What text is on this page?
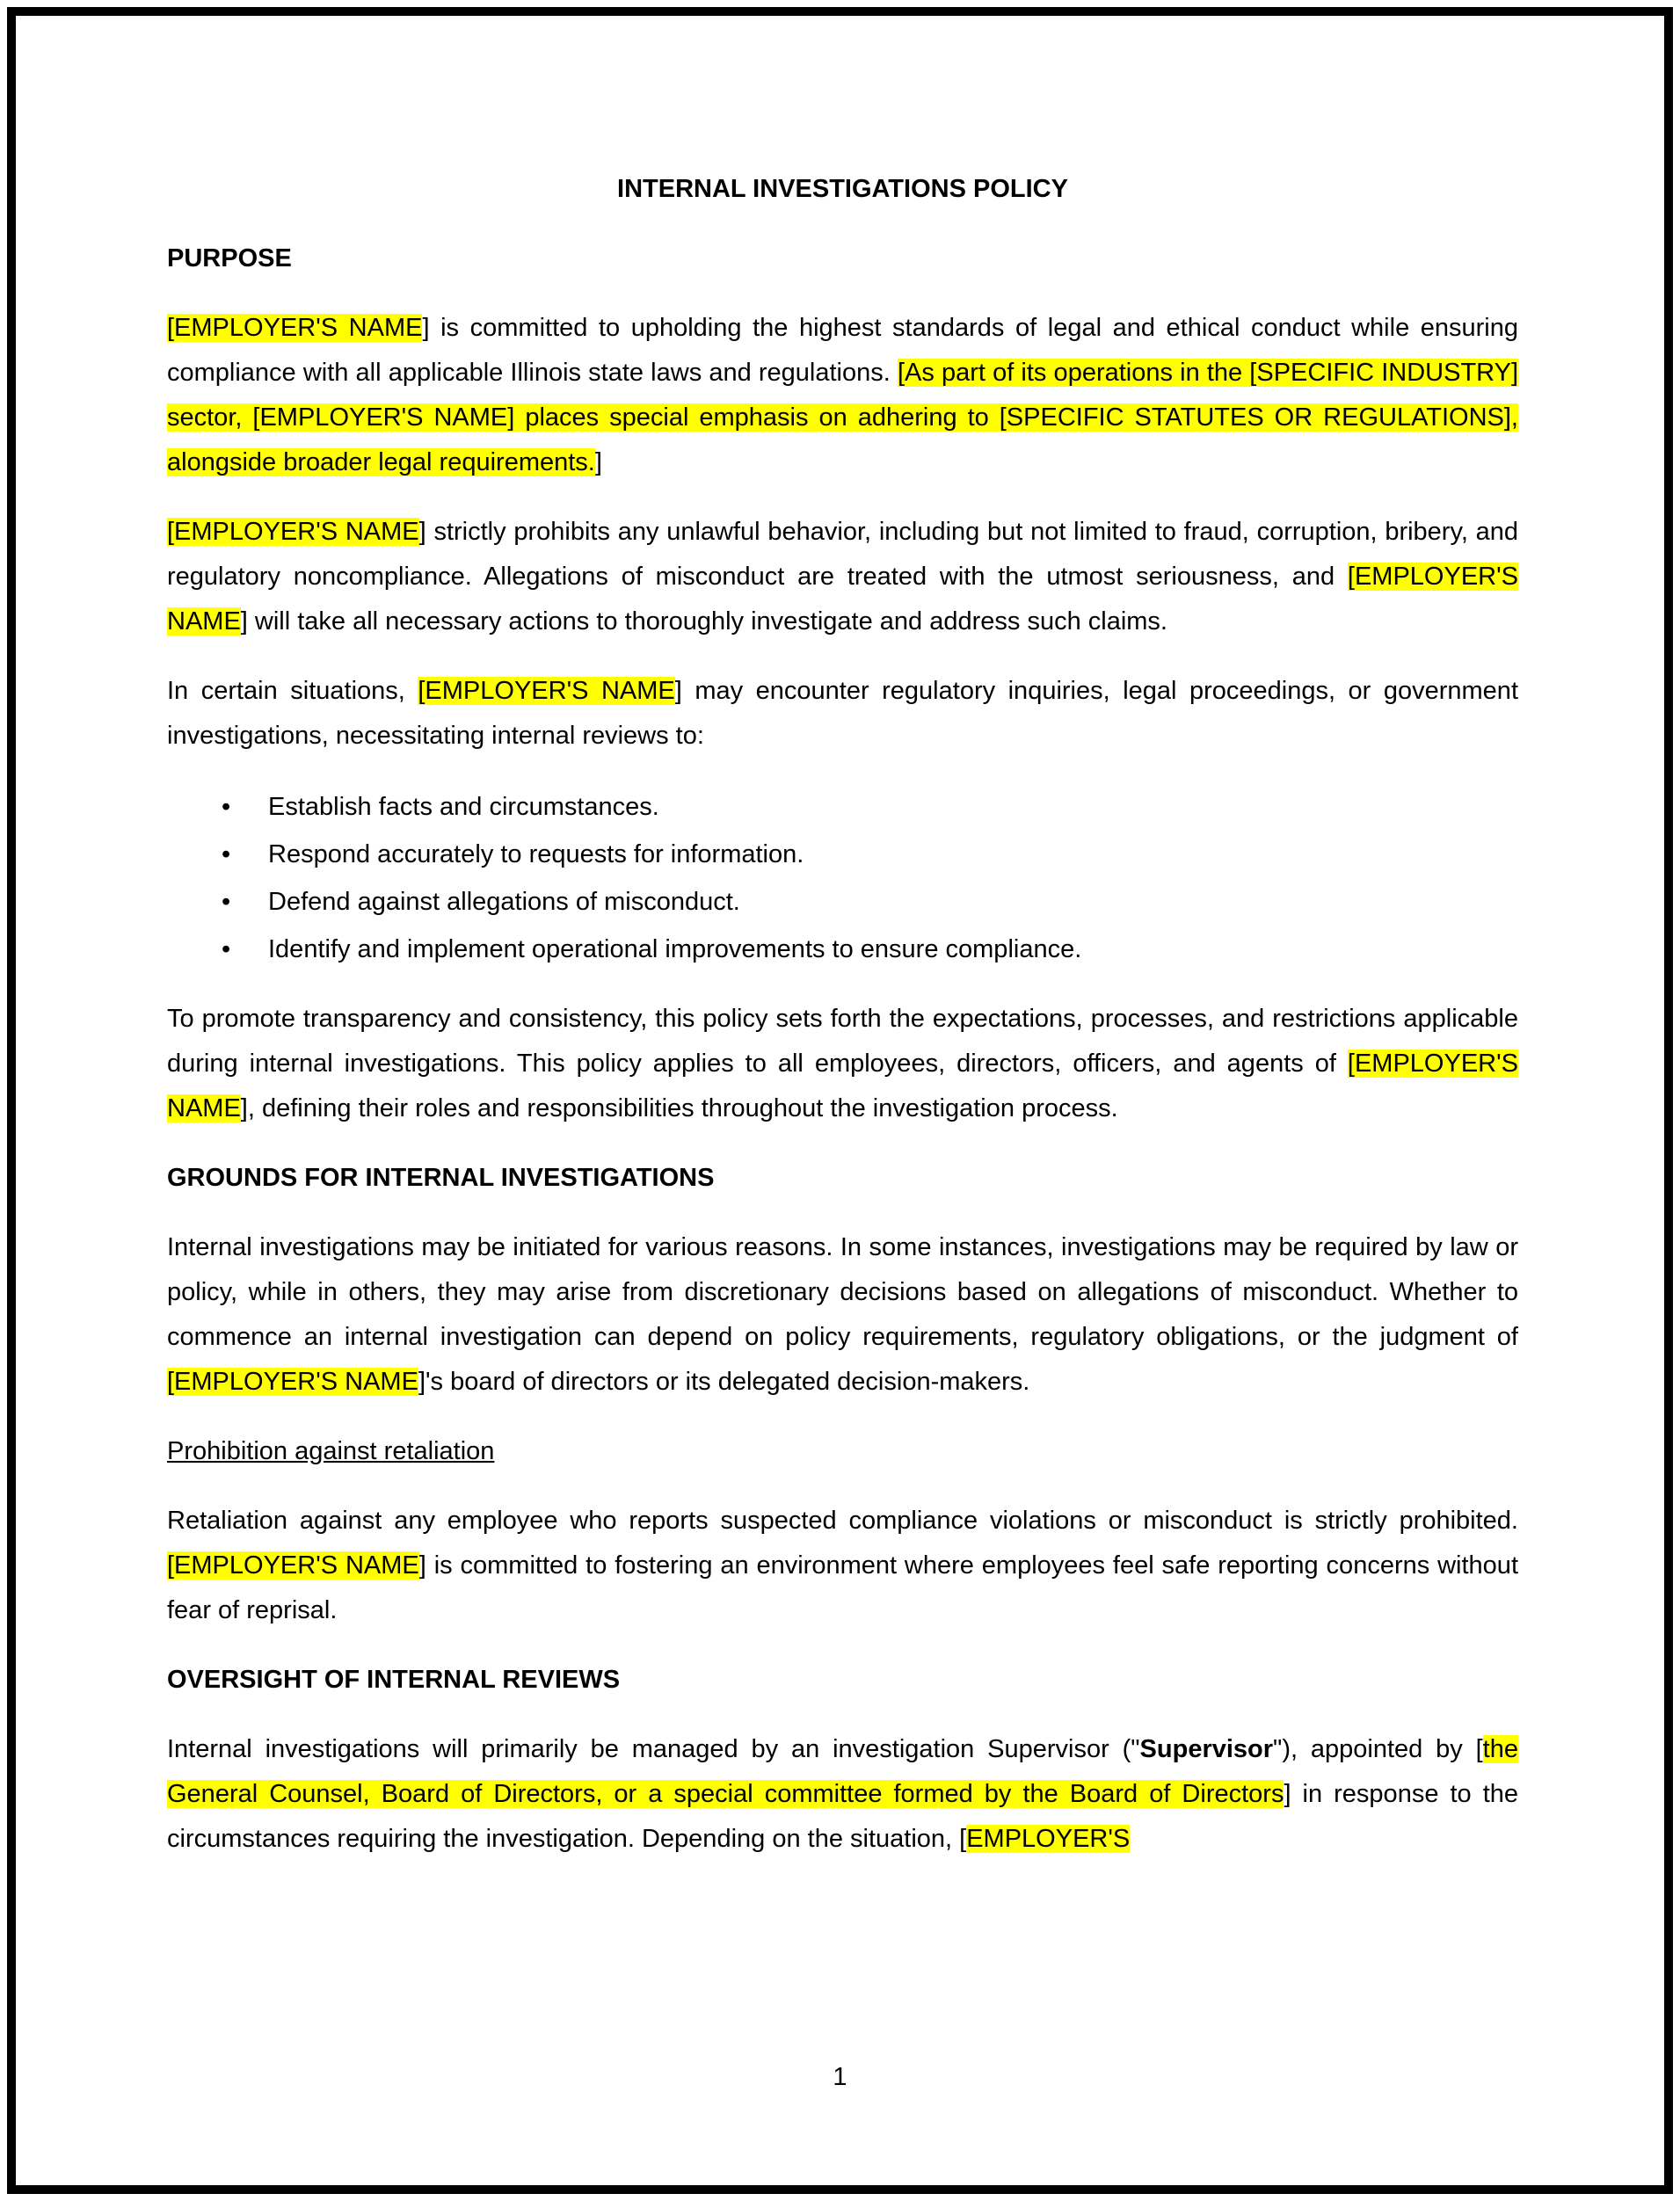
INTERNAL INVESTIGATIONS POLICY
PURPOSE

[EMPLOYER'S NAME] is committed to upholding the highest standards of legal and ethical conduct while ensuring compliance with all applicable Illinois state laws and regulations. [As part of its operations in the [SPECIFIC INDUSTRY] sector, [EMPLOYER'S NAME] places special emphasis on adhering to [SPECIFIC STATUTES OR REGULATIONS], alongside broader legal requirements.]

[EMPLOYER'S NAME] strictly prohibits any unlawful behavior, including but not limited to fraud, corruption, bribery, and regulatory noncompliance. Allegations of misconduct are treated with the utmost seriousness, and [EMPLOYER'S NAME] will take all necessary actions to thoroughly investigate and address such claims.

In certain situations, [EMPLOYER'S NAME] may encounter regulatory inquiries, legal proceedings, or government investigations, necessitating internal reviews to:

• Establish facts and circumstances.
• Respond accurately to requests for information.
• Defend against allegations of misconduct.
• Identify and implement operational improvements to ensure compliance.

To promote transparency and consistency, this policy sets forth the expectations, processes, and restrictions applicable during internal investigations. This policy applies to all employees, directors, officers, and agents of [EMPLOYER'S NAME], defining their roles and responsibilities throughout the investigation process.

GROUNDS FOR INTERNAL INVESTIGATIONS

Internal investigations may be initiated for various reasons. In some instances, investigations may be required by law or policy, while in others, they may arise from discretionary decisions based on allegations of misconduct. Whether to commence an internal investigation can depend on policy requirements, regulatory obligations, or the judgment of [EMPLOYER'S NAME]'s board of directors or its delegated decision-makers.

Prohibition against retaliation

Retaliation against any employee who reports suspected compliance violations or misconduct is strictly prohibited. [EMPLOYER'S NAME] is committed to fostering an environment where employees feel safe reporting concerns without fear of reprisal.

OVERSIGHT OF INTERNAL REVIEWS

Internal investigations will primarily be managed by an investigation Supervisor ("Supervisor"), appointed by [the General Counsel, Board of Directors, or a special committee formed by the Board of Directors] in response to the circumstances requiring the investigation. Depending on the situation, [EMPLOYER'S

1
